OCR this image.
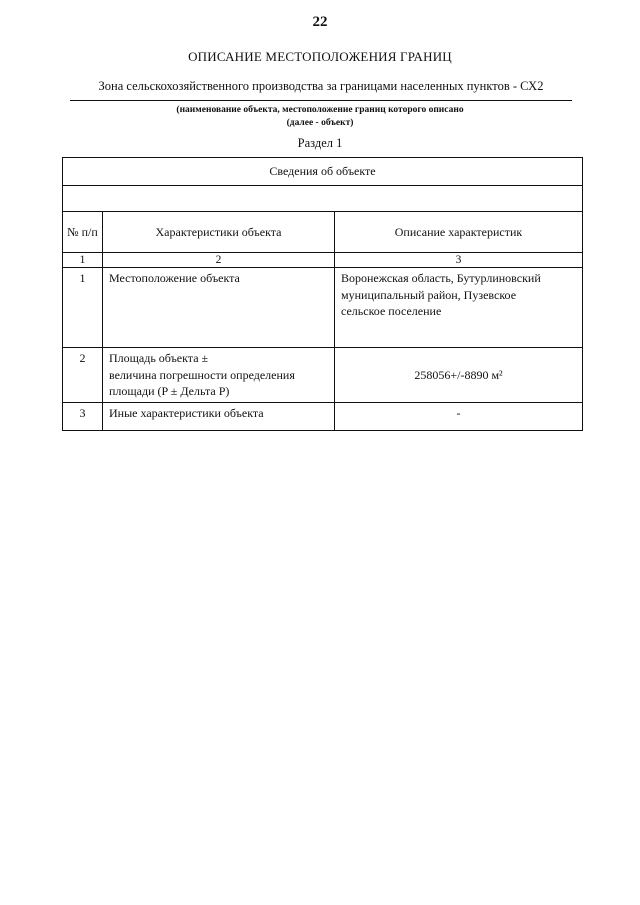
22
ОПИСАНИЕ МЕСТОПОЛОЖЕНИЯ ГРАНИЦ
Зона сельскохозяйственного производства за границами населенных пунктов - СХ2
(наименование объекта, местоположение границ которого описано
(далее - объект)
Раздел 1
Сведения об объекте		

№ п/п	Характеристики объекта	Описание характеристик
1	2	3
1	Местоположение объекта	Воронежская область, Бутурлиновский
муниципальный район, Пузевское
сельское поселение

2	Площадь объекта ±
величина погрешности определения
площади (P ± Дельта P)	258056+/-8890 м²

3	Иные характеристики объекта	-
